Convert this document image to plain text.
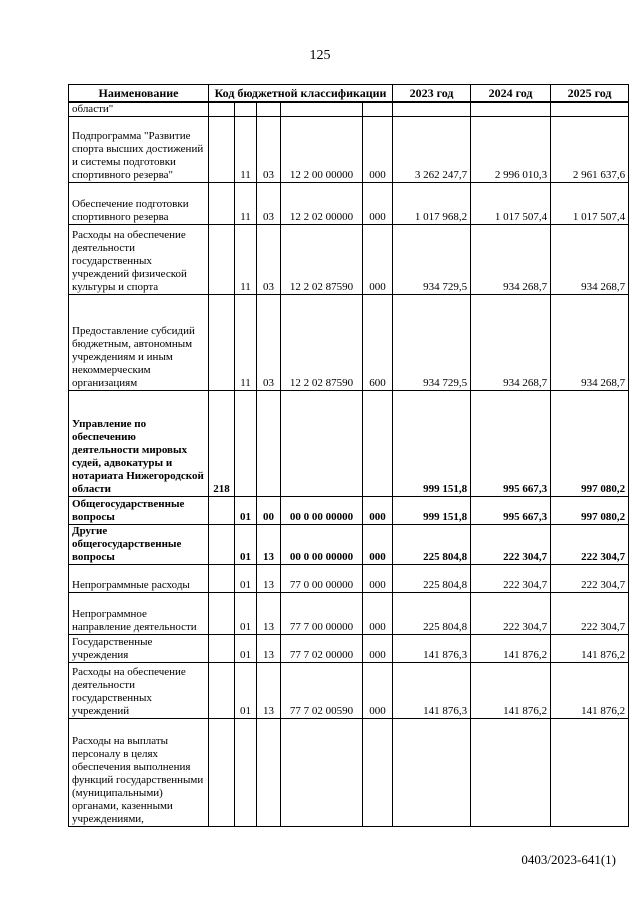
125
Наименование	Код бюджетной классификации					2023 год	2024 год	2025 год
области"								
Подпрограмма "Развитие спорта высших достижений и системы подготовки спортивного резерва"		11	03	12 2 00 00000	000	3 262 247,7	2 996 010,3	2 961 637,6
Обеспечение подготовки спортивного резерва		11	03	12 2 02 00000	000	1 017 968,2	1 017 507,4	1 017 507,4
Расходы на обеспечение деятельности государственных учреждений физической культуры и спорта		11	03	12 2 02 87590	000	934 729,5	934 268,7	934 268,7
Предоставление субсидий бюджетным, автономным учреждениям и иным некоммерческим организациям		11	03	12 2 02 87590	600	934 729,5	934 268,7	934 268,7
Управление по обеспечению деятельности мировых судей, адвокатуры и нотариата Нижегородской области	218					999 151,8	995 667,3	997 080,2
Общегосударственные вопросы		01	00	00 0 00 00000	000	999 151,8	995 667,3	997 080,2
Другие общегосударственные вопросы		01	13	00 0 00 00000	000	225 804,8	222 304,7	222 304,7
Непрограммные расходы		01	13	77 0 00 00000	000	225 804,8	222 304,7	222 304,7
Непрограммное направление деятельности		01	13	77 7 00 00000	000	225 804,8	222 304,7	222 304,7
Государственные учреждения		01	13	77 7 02 00000	000	141 876,3	141 876,2	141 876,2
Расходы на обеспечение деятельности государственных учреждений		01	13	77 7 02 00590	000	141 876,3	141 876,2	141 876,2
Расходы на выплаты персоналу в целях обеспечения выполнения функций государственными (муниципальными) органами, казенными учреждениями,								
0403/2023-641(1)
